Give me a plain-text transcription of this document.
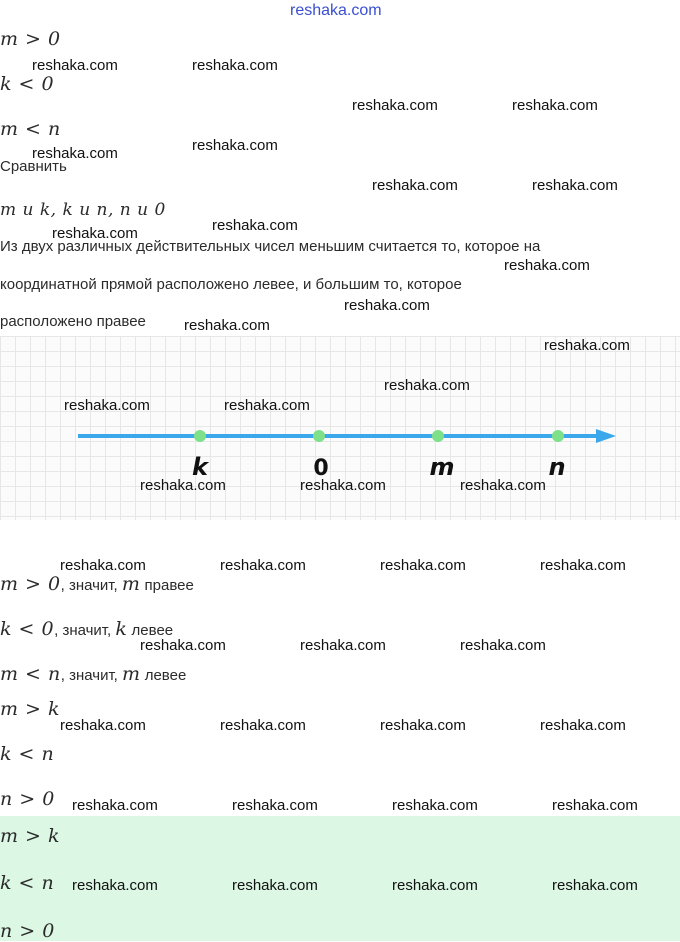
reshaka.com
m > 0
k < 0
m < n
Сравнить
m и k, k и n, n и 0
Из двух различных действительных чисел меньшим считается то, которое на
координатной прямой расположено левее, и большим то, которое
расположено правее
k	0	m	n
m > 0, значит, m правее
k < 0, значит, k левее
m < n, значит, m левее
m > k
k < n
n > 0
m > k
k < n
n > 0
reshaka.com	reshaka.com
reshaka.com	reshaka.com
reshaka.com	reshaka.com
reshaka.com	reshaka.com
reshaka.com	reshaka.com
reshaka.com
reshaka.com
reshaka.com
reshaka.com
reshaka.com
reshaka.com	reshaka.com
reshaka.com	reshaka.com	reshaka.com
reshaka.com	reshaka.com	reshaka.com	reshaka.com
reshaka.com	reshaka.com	reshaka.com
reshaka.com	reshaka.com	reshaka.com	reshaka.com
reshaka.com	reshaka.com	reshaka.com	reshaka.com
reshaka.com	reshaka.com	reshaka.com	reshaka.com
